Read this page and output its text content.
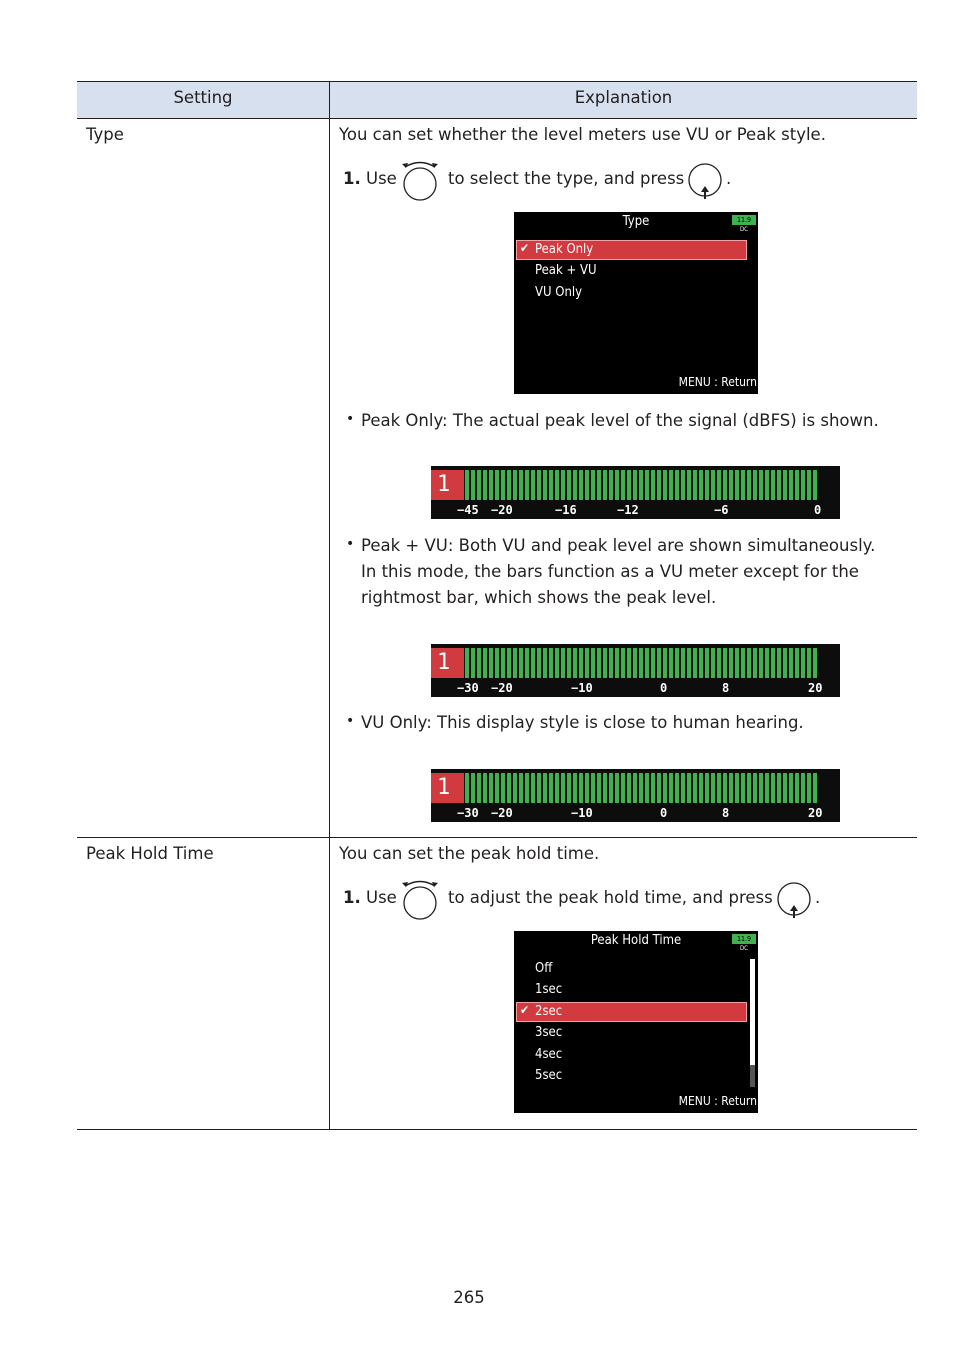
Setting	Explanation
Type	You can set whether the level meters use VU or Peak style.
1. Use	to select the type, and press	.
Type	11.9
DC
✔ Peak Only
Peak + VU
VU Only
MENU : Return
• Peak Only: The actual peak level of the signal (dBFS) is shown.
1
−45 −20	−16	−12	−6	0
• Peak + VU: Both VU and peak level are shown simultaneously.
In this mode, the bars function as a VU meter except for the
rightmost bar, which shows the peak level.
1
−30 −20	−10	0	8	20
• VU Only: This display style is close to human hearing.
1
−30 −20	−10	0	8	20
Peak Hold Time	You can set the peak hold time.
1. Use	to adjust the peak hold time, and press	.
Peak Hold Time	11.9
DC
✔
Off
1sec
2sec
3sec
4sec
5sec
MENU : Return
265
